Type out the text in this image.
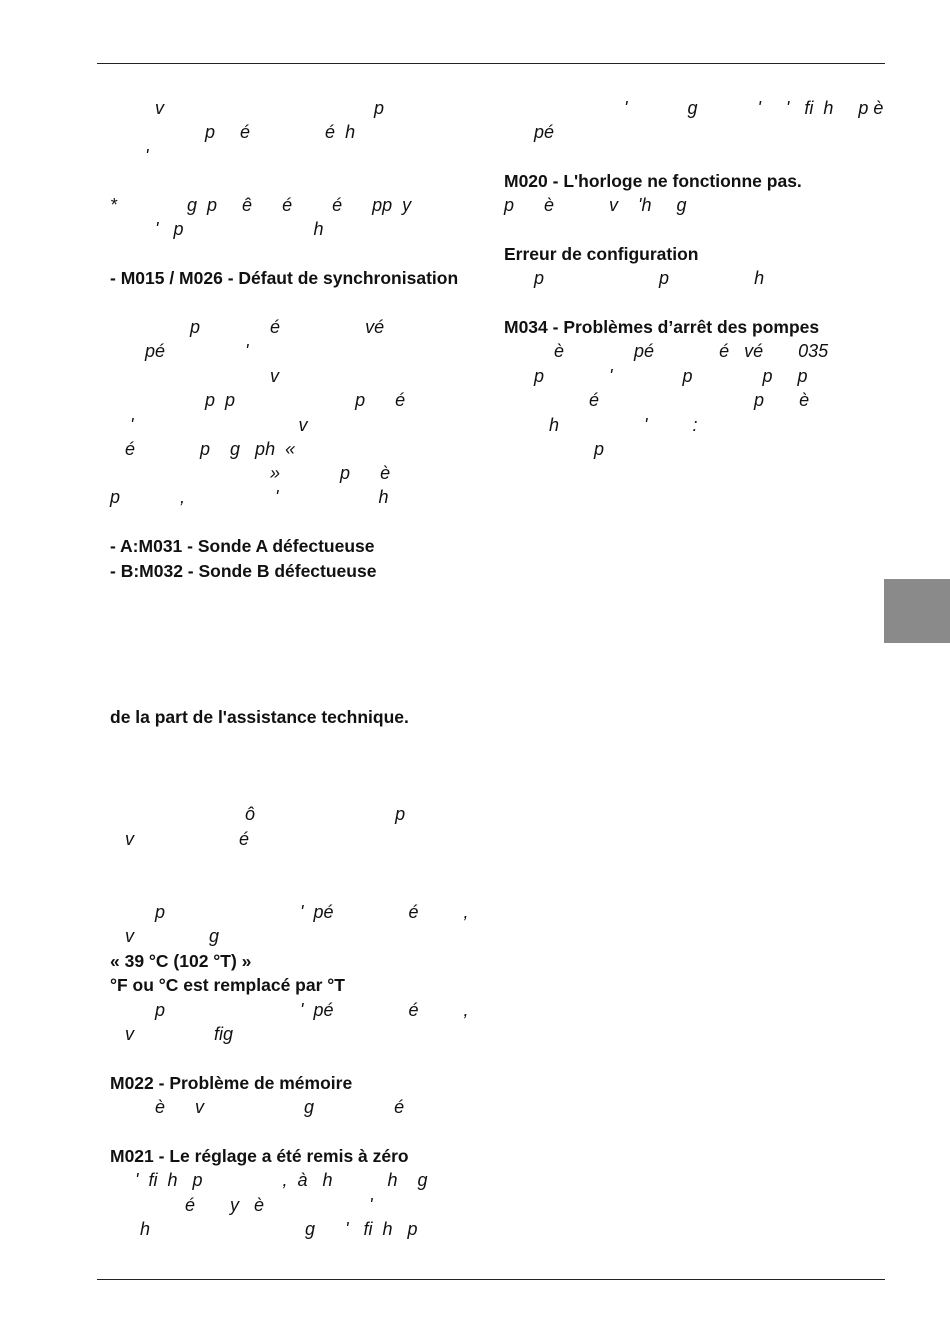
v                                          p
p     é               é  h
'
*              g  p     ê      é        é      pp  y
'   p                          h
- M015 / M026 - Défaut de synchronisation
p              é                 vé
pé                '
v
p  p                        p      é
'                                 v
é             p    g   ph  «
»            p      è
p            ,                  '                    h
- A:M031 - Sonde A défectueuse
- B:M032 - Sonde B défectueuse
de la part de l'assistance technique.
ô                            p
v                     é
p                           '  pé               é         ,
v               g
« 39 °C (102 °T) »
°F ou °C est remplacé par °T
p                           '  pé               é         ,
v                fig
M022 - Problème de mémoire
è      v                    g                é
M021 - Le réglage a été remis à zéro
'  fi  h   p                ,  à   h           h    g
é       y   è                     '
h                               g      '   fi  h   p
'            g            '     '   fi  h     p è
pé
M020 - L'horloge ne fonctionne pas.
p      è           v    'h     g
Erreur de configuration
p                       p                 h
M034 - Problèmes d’arrêt des pompes
è              pé             é   vé       035
p             '              p              p     p
é                               p       è
h                 '         :
p
